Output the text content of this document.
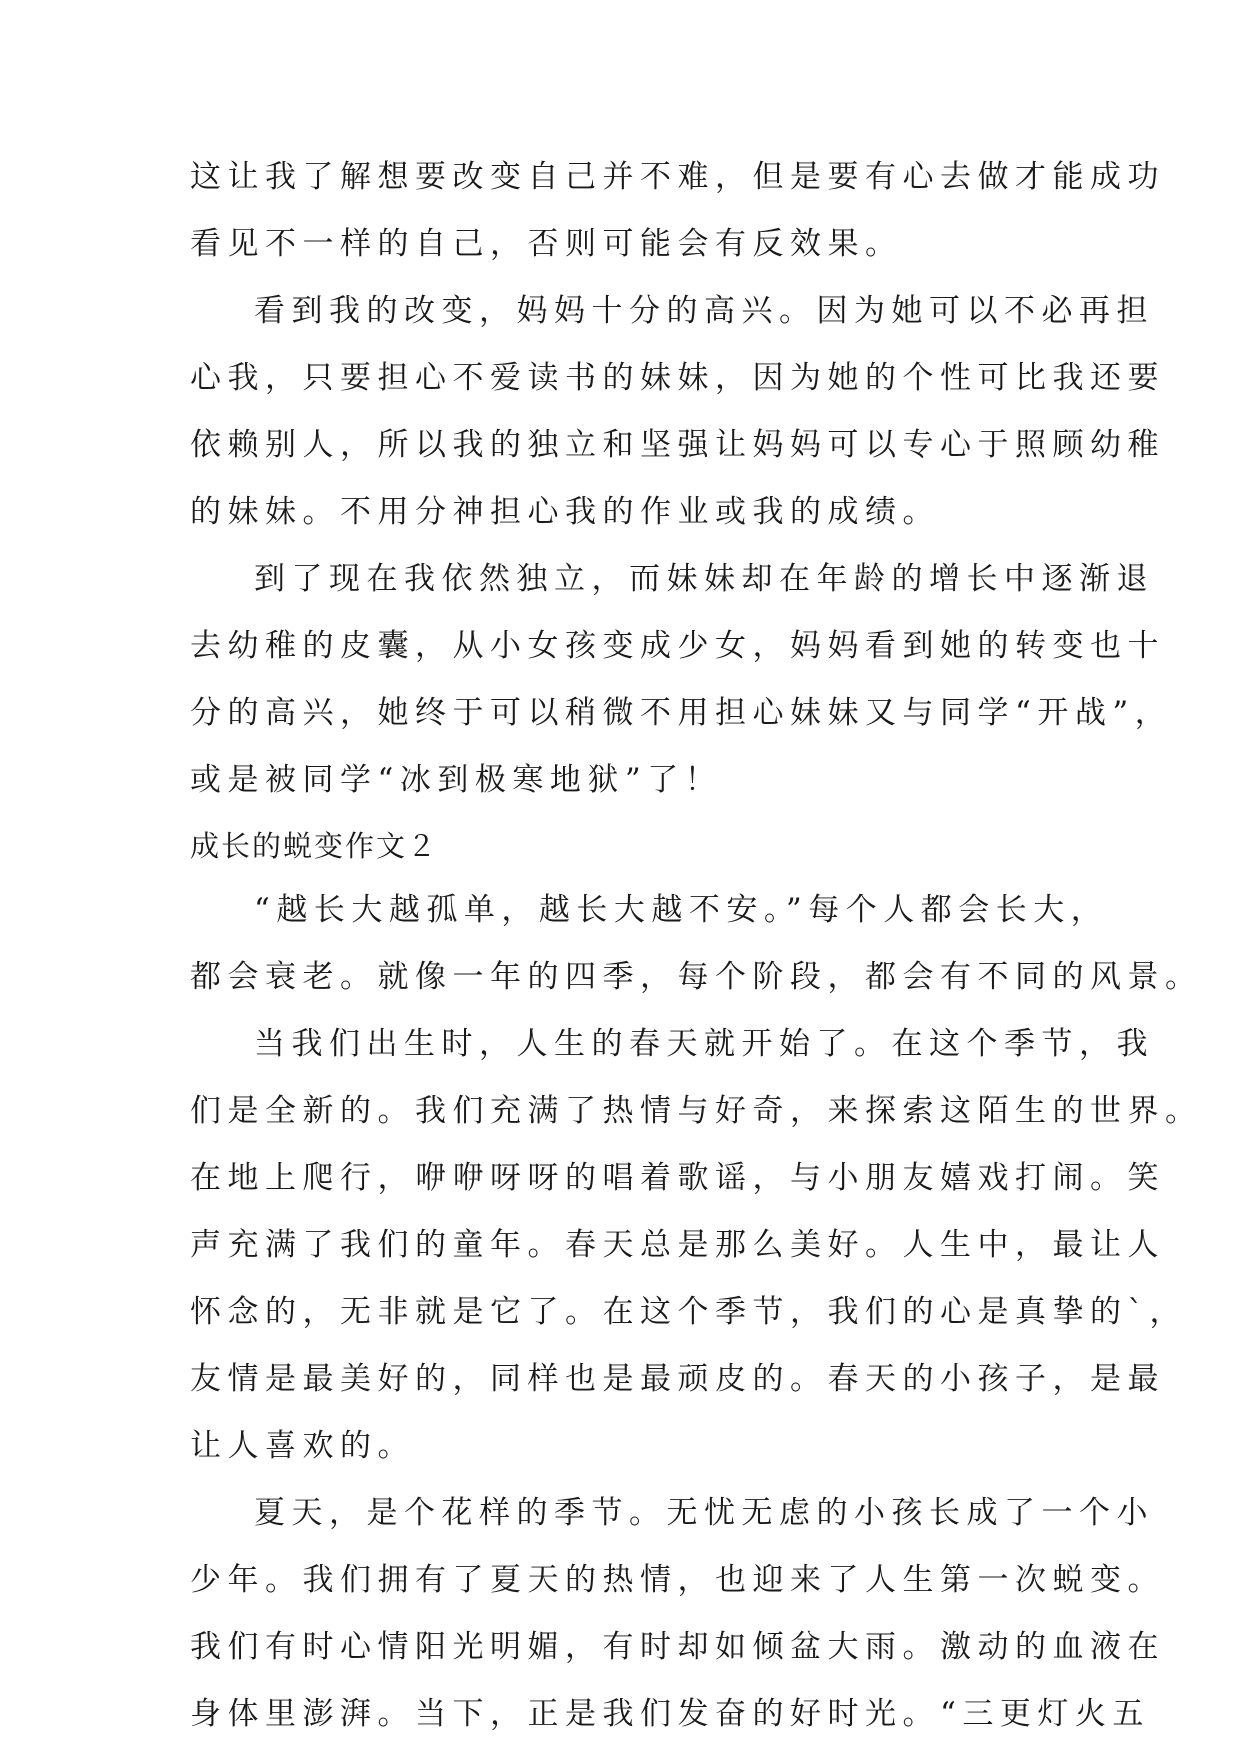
这让我了解想要改变自己并不难，但是要有心去做才能成功
看见不一样的自己，否则可能会有反效果。
看到我的改变，妈妈十分的高兴。因为她可以不必再担
心我，只要担心不爱读书的妹妹，因为她的个性可比我还要
依赖别人，所以我的独立和坚强让妈妈可以专心于照顾幼稚
的妹妹。不用分神担心我的作业或我的成绩。
到了现在我依然独立，而妹妹却在年龄的增长中逐渐退
去幼稚的皮囊，从小女孩变成少女，妈妈看到她的转变也十
分的高兴，她终于可以稍微不用担心妹妹又与同学“开战”，
或是被同学“冰到极寒地狱”了！
成长的蜕变作文２
“越长大越孤单，越长大越不安。”每个人都会长大，
都会衰老。就像一年的四季，每个阶段，都会有不同的风景。
当我们出生时，人生的春天就开始了。在这个季节，我
们是全新的。我们充满了热情与好奇，来探索这陌生的世界。
在地上爬行，咿咿呀呀的唱着歌谣，与小朋友嬉戏打闹。笑
声充满了我们的童年。春天总是那么美好。人生中，最让人
怀念的，无非就是它了。在这个季节，我们的心是真挚的`，
友情是最美好的，同样也是最顽皮的。春天的小孩子，是最
让人喜欢的。
夏天，是个花样的季节。无忧无虑的小孩长成了一个小
少年。我们拥有了夏天的热情，也迎来了人生第一次蜕变。
我们有时心情阳光明媚，有时却如倾盆大雨。激动的血液在
身体里澎湃。当下，正是我们发奋的好时光。“三更灯火五
